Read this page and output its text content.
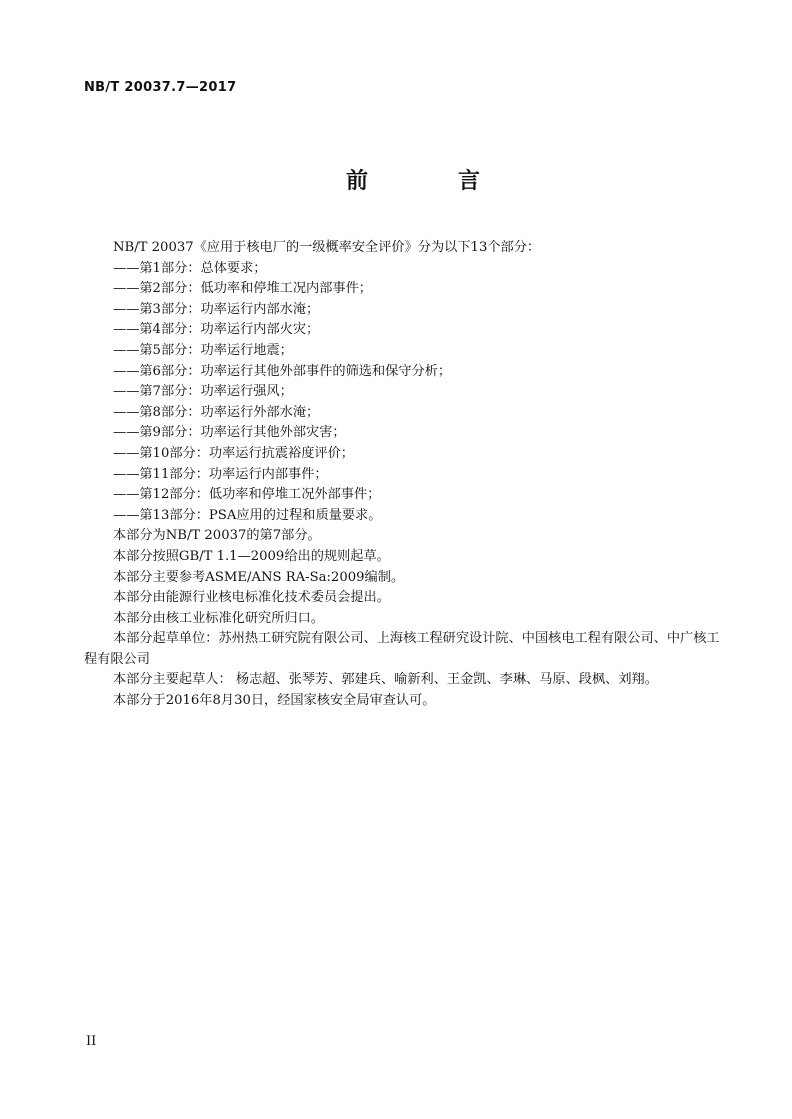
NB/T 20037.7—2017
前　言
NB/T 20037《应用于核电厂的一级概率安全评价》分为以下13个部分：
——第1部分：总体要求；
——第2部分：低功率和停堆工况内部事件；
——第3部分：功率运行内部水淹；
——第4部分：功率运行内部火灾；
——第5部分：功率运行地震；
——第6部分：功率运行其他外部事件的筛选和保守分析；
——第7部分：功率运行强风；
——第8部分：功率运行外部水淹；
——第9部分：功率运行其他外部灾害；
——第10部分：功率运行抗震裕度评价；
——第11部分：功率运行内部事件；
——第12部分：低功率和停堆工况外部事件；
——第13部分：PSA应用的过程和质量要求。
本部分为NB/T 20037的第7部分。
本部分按照GB/T 1.1—2009给出的规则起草。
本部分主要参考ASME/ANS RA-Sa:2009编制。
本部分由能源行业核电标准化技术委员会提出。
本部分由核工业标准化研究所归口。
本部分起草单位：苏州热工研究院有限公司、上海核工程研究设计院、中国核电工程有限公司、中广核工程有限公司
本部分主要起草人： 杨志超、张琴芳、郭建兵、喻新利、王金凯、李琳、马原、段枫、刘翔。
本部分于2016年8月30日，经国家核安全局审查认可。
II
